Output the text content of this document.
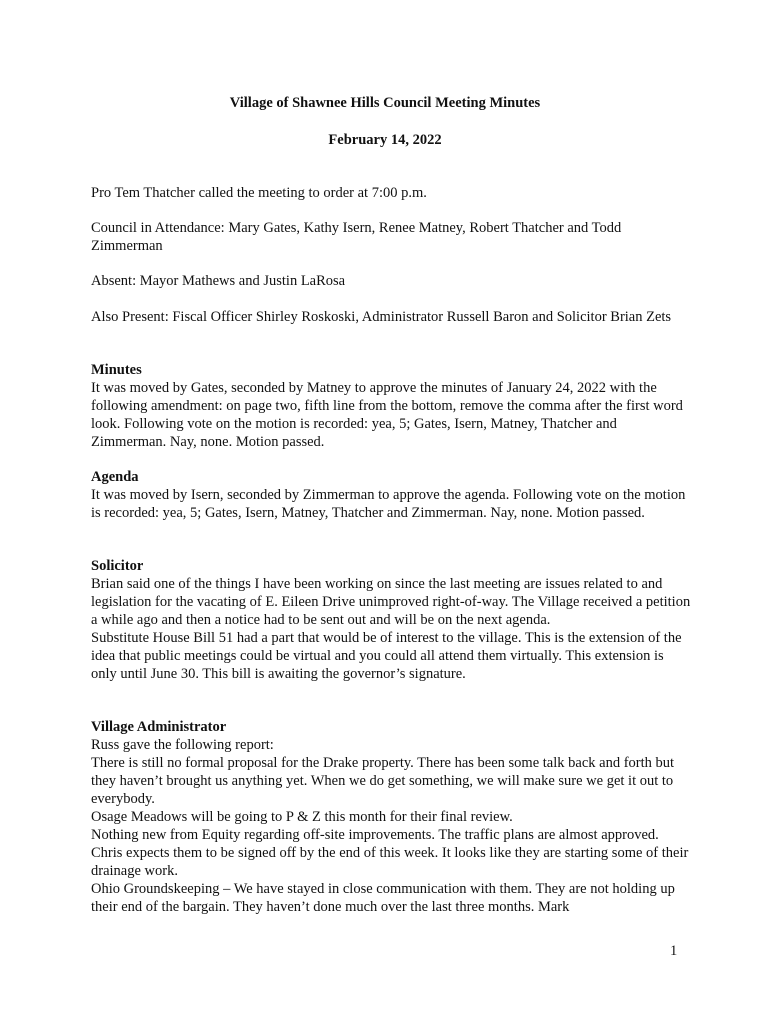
Village of Shawnee Hills Council Meeting Minutes
February 14, 2022
Pro Tem Thatcher called the meeting to order at 7:00 p.m.
Council in Attendance: Mary Gates, Kathy Isern, Renee Matney, Robert Thatcher and Todd Zimmerman
Absent: Mayor Mathews and Justin LaRosa
Also Present: Fiscal Officer Shirley Roskoski, Administrator Russell Baron and Solicitor Brian Zets

Minutes

It was moved by Gates, seconded by Matney to approve the minutes of January 24, 2022 with the following amendment: on page two, fifth line from the bottom, remove the comma after the first word look. Following vote on the motion is recorded: yea, 5; Gates, Isern, Matney, Thatcher and Zimmerman. Nay, none. Motion passed.

Agenda

It was moved by Isern, seconded by Zimmerman to approve the agenda. Following vote on the motion is recorded: yea, 5; Gates, Isern, Matney, Thatcher and Zimmerman. Nay, none. Motion passed.

Solicitor

Brian said one of the things I have been working on since the last meeting are issues related to and legislation for the vacating of E. Eileen Drive unimproved right-of-way. The Village received a petition a while ago and then a notice had to be sent out and will be on the next agenda.

Substitute House Bill 51 had a part that would be of interest to the village. This is the extension of the idea that public meetings could be virtual and you could all attend them virtually. This extension is only until June 30. This bill is awaiting the governor’s signature.

Village Administrator

Russ gave the following report:

There is still no formal proposal for the Drake property. There has been some talk back and forth but they haven’t brought us anything yet. When we do get something, we will make sure we get it out to everybody.

Osage Meadows will be going to P & Z this month for their final review.

Nothing new from Equity regarding off-site improvements. The traffic plans are almost approved. Chris expects them to be signed off by the end of this week. It looks like they are starting some of their drainage work.

Ohio Groundskeeping – We have stayed in close communication with them. They are not holding up their end of the bargain. They haven’t done much over the last three months. Mark

1
